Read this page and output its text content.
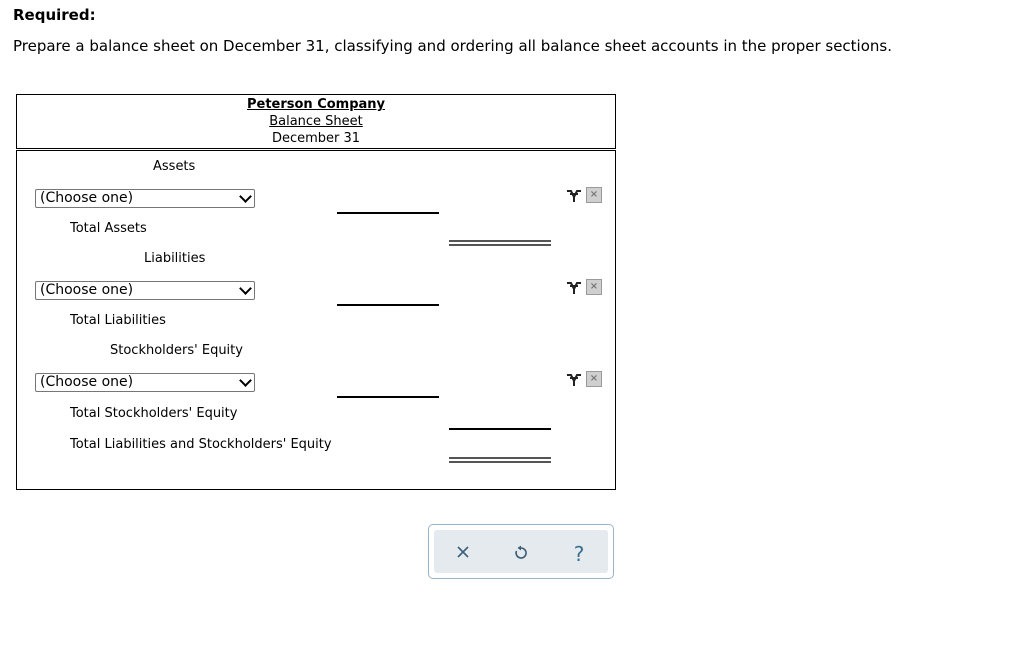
Required:
Prepare a balance sheet on December 31, classifying and ordering all balance sheet accounts in the proper sections.
Peterson Company
Balance Sheet
December 31
Assets
(Choose one)	×
Total Assets
Liabilities
(Choose one)	×
Total Liabilities
Stockholders' Equity
(Choose one)	×
Total Stockholders' Equity
Total Liabilities and Stockholders' Equity
?
